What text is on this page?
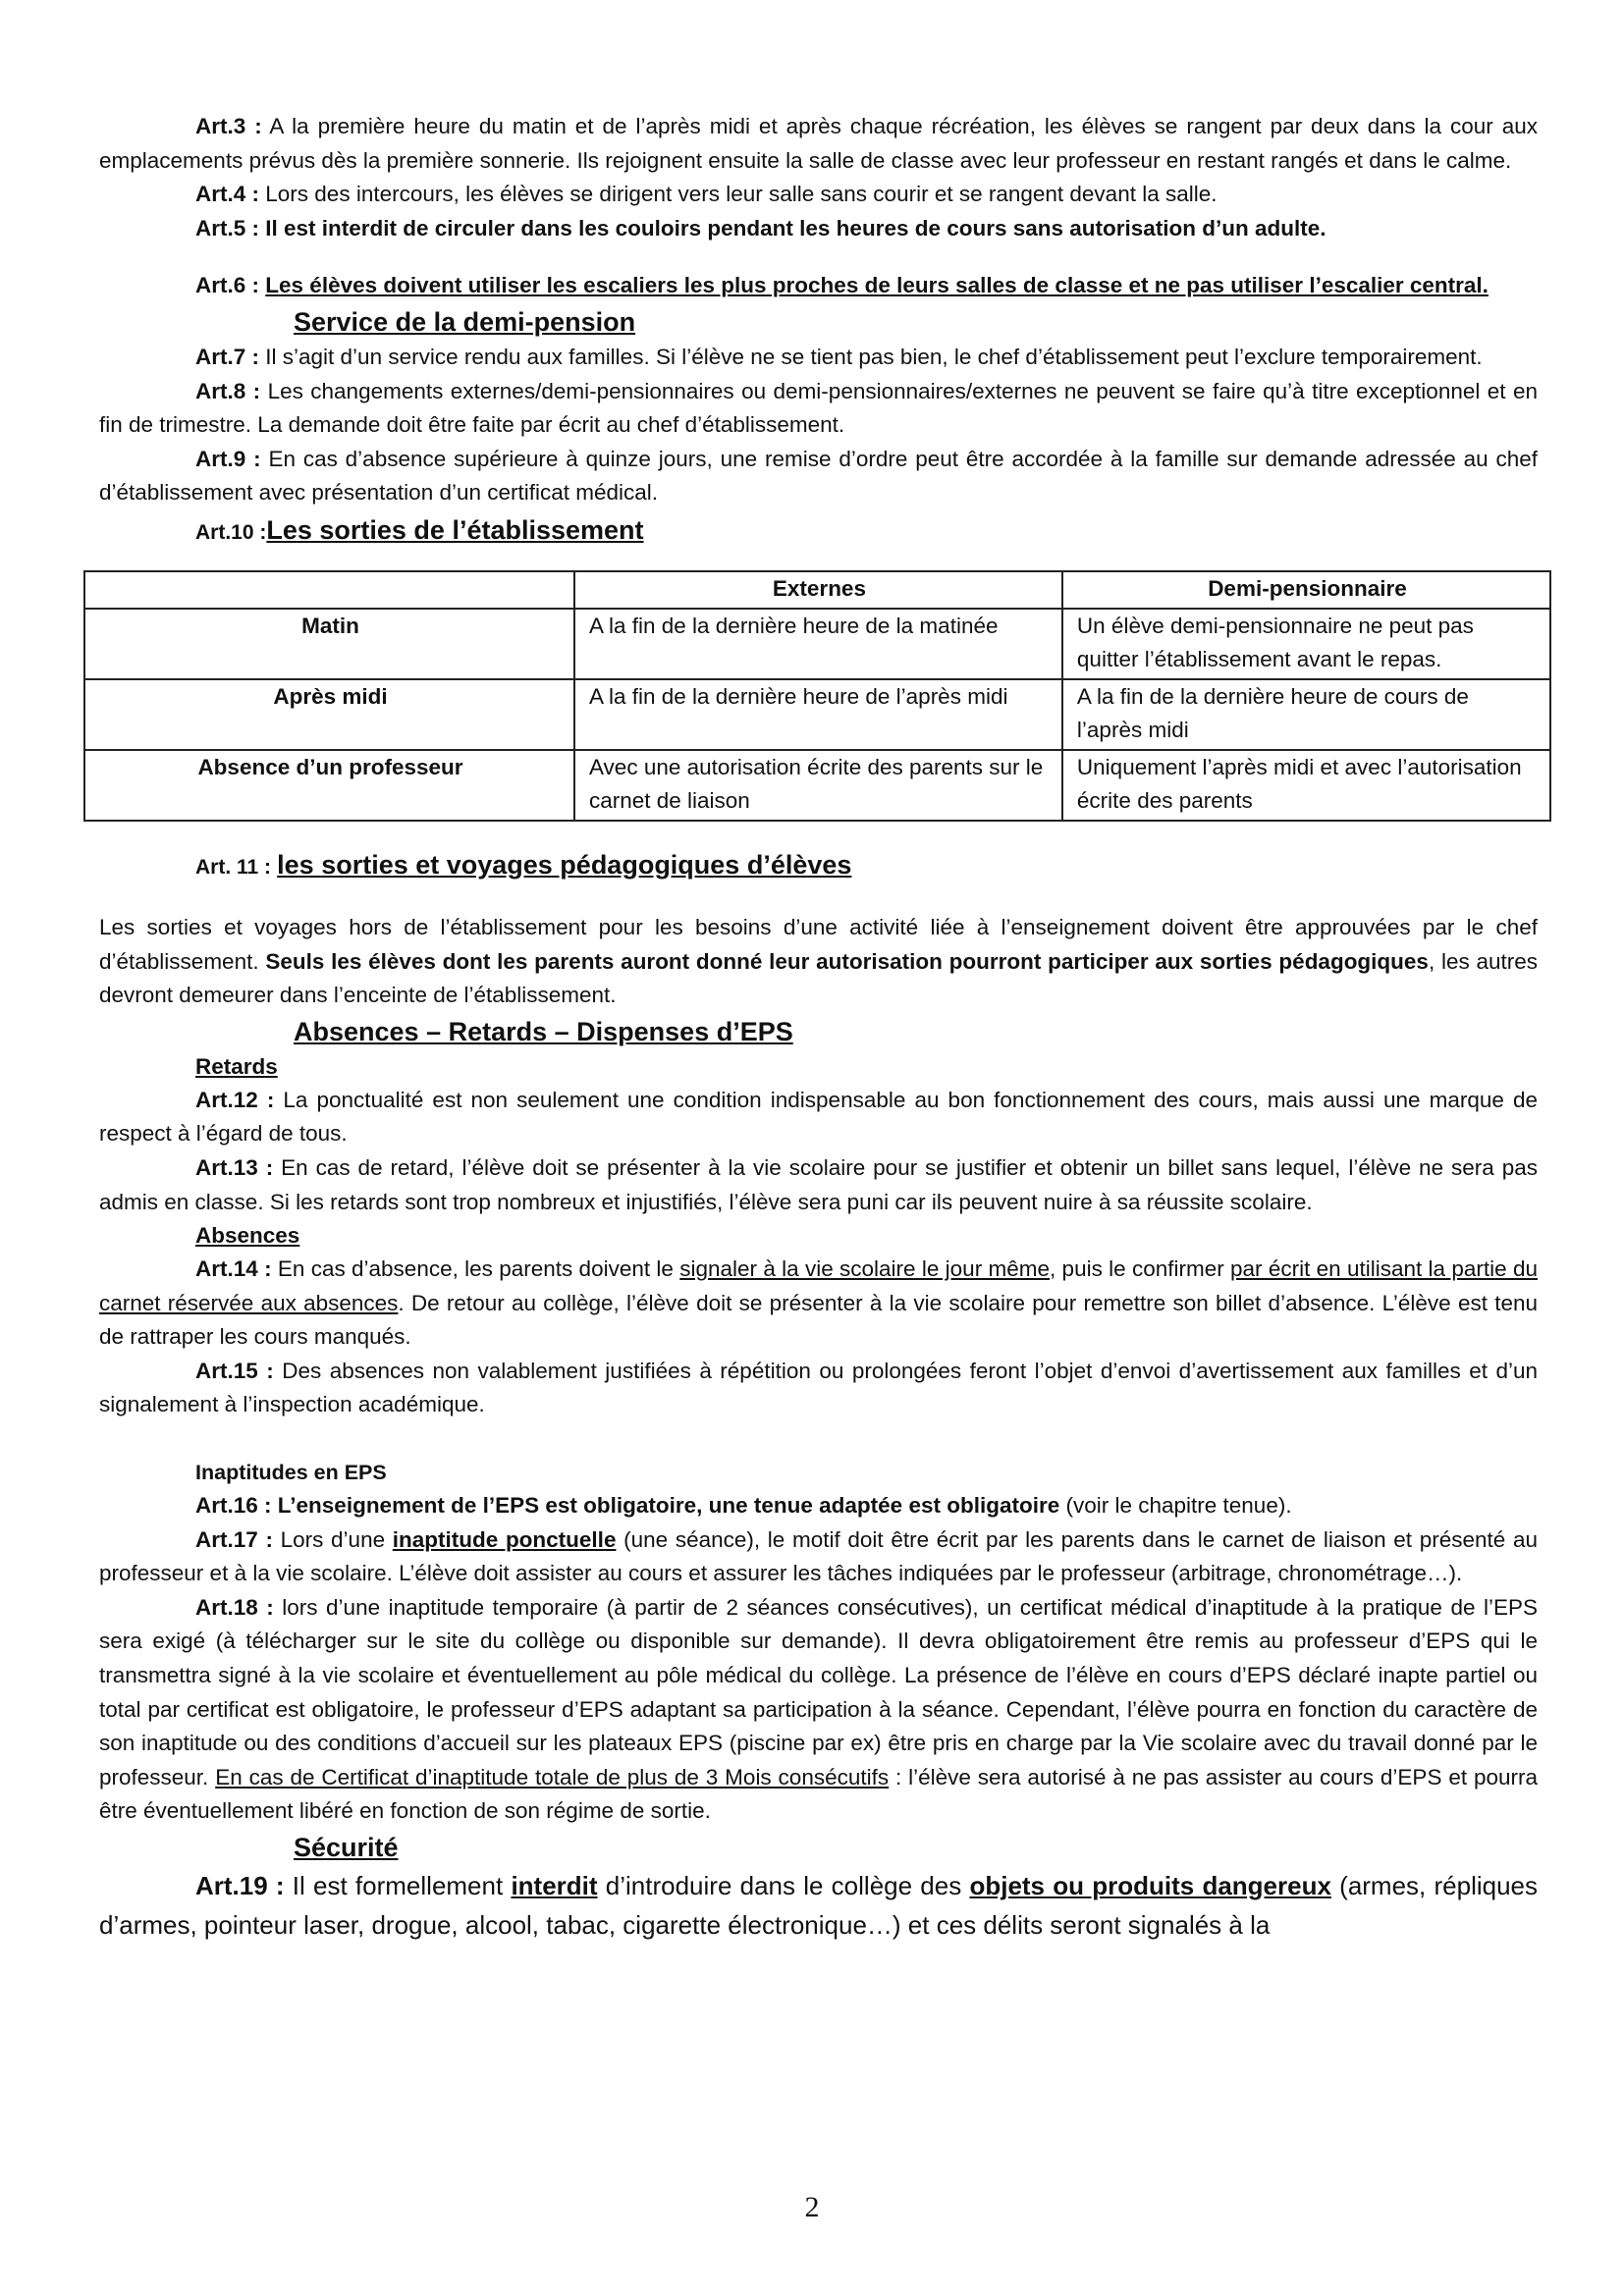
Art.3 : A la première heure du matin et de l’après midi et après chaque récréation, les élèves se rangent par deux dans la cour aux emplacements prévus dès la première sonnerie. Ils rejoignent ensuite la salle de classe avec leur professeur en restant rangés et dans le calme.

Art.4 : Lors des intercours, les élèves se dirigent vers leur salle sans courir et se rangent devant la salle.

Art.5 : Il est interdit de circuler dans les couloirs pendant les heures de cours sans autorisation d’un adulte.

Art.6 : Les élèves doivent utiliser les escaliers les plus proches de leurs salles de classe et ne pas utiliser l’escalier central.

Service de la demi-pension

Art.7 : Il s’agit d’un service rendu aux familles. Si l’élève ne se tient pas bien, le chef d’établissement peut l’exclure temporairement.

Art.8 : Les changements externes/demi-pensionnaires ou demi-pensionnaires/externes ne peuvent se faire qu’à titre exceptionnel et en fin de trimestre. La demande doit être faite par écrit au chef d’établissement.

Art.9 : En cas d’absence supérieure à quinze jours, une remise d’ordre peut être accordée à la famille sur demande adressée au chef d’établissement avec présentation d’un certificat médical.

Art.10 :Les sorties de l’établissement
	Externes	Demi-pensionnaire
Matin	A la fin de la dernière heure de la matinée	Un élève demi-pensionnaire ne peut pas quitter l’établissement avant le repas.
Après midi	A la fin de la dernière heure de l’après midi	A la fin de la dernière heure de cours de l’après midi
Absence d’un professeur	Avec une autorisation écrite des parents sur le carnet de liaison	Uniquement l’après midi et avec l’autorisation écrite des parents
Art. 11 : les sorties et voyages pédagogiques d’élèves

Les sorties et voyages hors de l’établissement pour les besoins d’une activité liée à l’enseignement doivent être approuvées par le chef d’établissement. Seuls les élèves dont les parents auront donné leur autorisation pourront participer aux sorties pédagogiques, les autres devront demeurer dans l’enceinte de l’établissement.

Absences – Retards – Dispenses d’EPS
Retards

Art.12 : La ponctualité est non seulement une condition indispensable au bon fonctionnement des cours, mais aussi une marque de respect à l’égard de tous.

Art.13 : En cas de retard, l’élève doit se présenter à la vie scolaire pour se justifier et obtenir un billet sans lequel, l’élève ne sera pas admis en classe. Si les retards sont trop nombreux et injustifiés, l’élève sera puni car ils peuvent nuire à sa réussite scolaire.

Absences

Art.14 : En cas d’absence, les parents doivent le signaler à la vie scolaire le jour même, puis le confirmer par écrit en utilisant la partie du carnet réservée aux absences. De retour au collège, l’élève doit se présenter à la vie scolaire pour remettre son billet d’absence. L’élève est tenu de rattraper les cours manqués.

Art.15 : Des absences non valablement justifiées à répétition ou prolongées feront l’objet d’envoi d’avertissement aux familles et d’un signalement à l’inspection académique.

Inaptitudes en EPS

Art.16 : L’enseignement de l’EPS est obligatoire, une tenue adaptée est obligatoire (voir le chapitre tenue).

Art.17 : Lors d’une inaptitude ponctuelle (une séance), le motif doit être écrit par les parents dans le carnet de liaison et présenté au professeur et à la vie scolaire. L’élève doit assister au cours et assurer les tâches indiquées par le professeur (arbitrage, chronométrage…).

Art.18 : lors d’une inaptitude temporaire (à partir de 2 séances consécutives), un certificat médical d’inaptitude à la pratique de l’EPS sera exigé (à télécharger sur le site du collège ou disponible sur demande). Il devra obligatoirement être remis au professeur d’EPS qui le transmettra signé à la vie scolaire et éventuellement au pôle médical du collège. La présence de l’élève en cours d’EPS déclaré inapte partiel ou total par certificat est obligatoire, le professeur d’EPS adaptant sa participation à la séance. Cependant, l’élève pourra en fonction du caractère de son inaptitude ou des conditions d’accueil sur les plateaux EPS (piscine par ex) être pris en charge par la Vie scolaire avec du travail donné par le professeur. En cas de Certificat d’inaptitude totale de plus de 3 Mois consécutifs : l’élève sera autorisé à ne pas assister au cours d’EPS et pourra être éventuellement libéré en fonction de son régime de sortie.

Sécurité

Art.19 : Il est formellement interdit d’introduire dans le collège des objets ou produits dangereux (armes, répliques d’armes, pointeur laser, drogue, alcool, tabac, cigarette électronique…) et ces délits seront signalés à la

2
